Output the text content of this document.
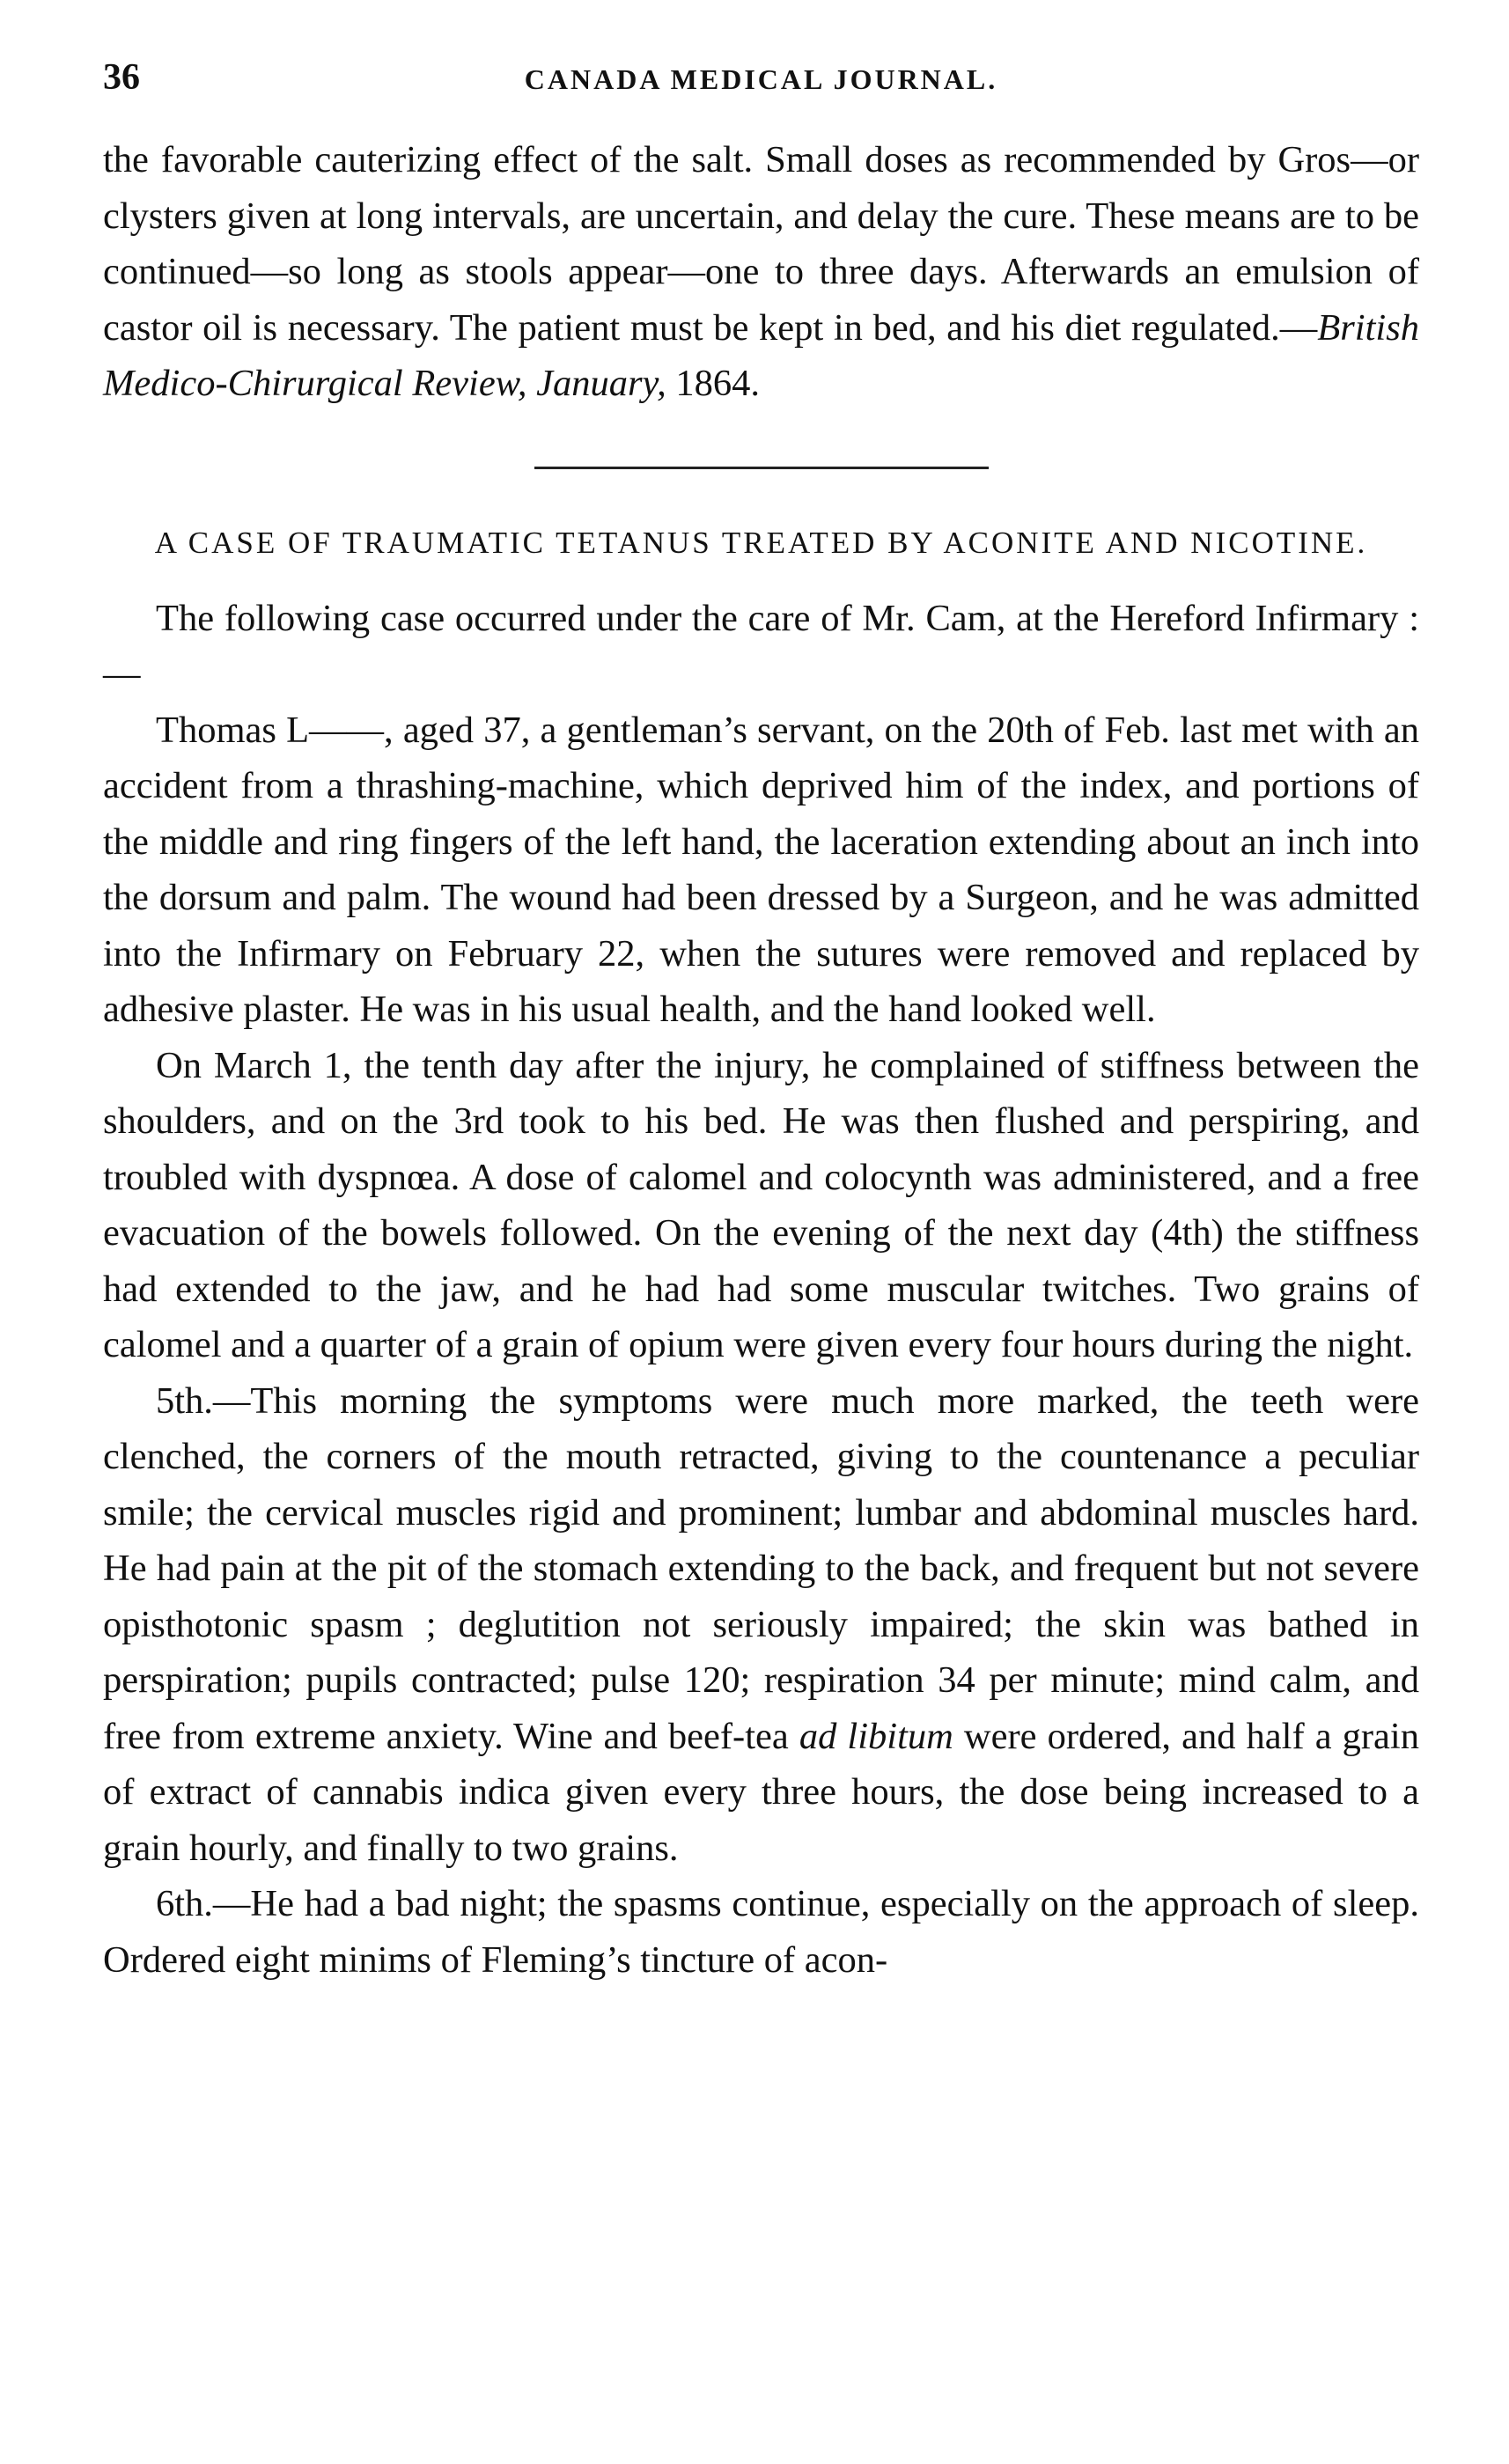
36	CANADA MEDICAL JOURNAL.

the favorable cauterizing effect of the salt. Small doses as recommended by Gros—or clysters given at long intervals, are uncertain, and delay the cure. These means are to be continued—so long as stools appear—one to three days. Afterwards an emulsion of castor oil is necessary. The patient must be kept in bed, and his diet regulated.—British Medico-Chirurgical Review, January, 1864.

A CASE OF TRAUMATIC TETANUS TREATED BY ACONITE AND NICOTINE.

The following case occurred under the care of Mr. Cam, at the Hereford Infirmary :—

Thomas L——, aged 37, a gentleman’s servant, on the 20th of Feb. last met with an accident from a thrashing-machine, which deprived him of the index, and portions of the middle and ring fingers of the left hand, the laceration extending about an inch into the dorsum and palm. The wound had been dressed by a Surgeon, and he was admitted into the Infirmary on February 22, when the sutures were removed and replaced by adhesive plaster. He was in his usual health, and the hand looked well.

On March 1, the tenth day after the injury, he complained of stiffness between the shoulders, and on the 3rd took to his bed. He was then flushed and perspiring, and troubled with dyspnœa. A dose of calomel and colocynth was administered, and a free evacuation of the bowels followed. On the evening of the next day (4th) the stiffness had extended to the jaw, and he had had some muscular twitches. Two grains of calomel and a quarter of a grain of opium were given every four hours during the night.

5th.—This morning the symptoms were much more marked, the teeth were clenched, the corners of the mouth retracted, giving to the countenance a peculiar smile; the cervical muscles rigid and prominent; lumbar and abdominal muscles hard. He had pain at the pit of the stomach extending to the back, and frequent but not severe opisthotonic spasm ; deglutition not seriously impaired; the skin was bathed in perspiration; pupils contracted; pulse 120; respiration 34 per minute; mind calm, and free from extreme anxiety. Wine and beef-tea ad libitum were ordered, and half a grain of extract of cannabis indica given every three hours, the dose being increased to a grain hourly, and finally to two grains.

6th.—He had a bad night; the spasms continue, especially on the approach of sleep. Ordered eight minims of Fleming’s tincture of acon-
